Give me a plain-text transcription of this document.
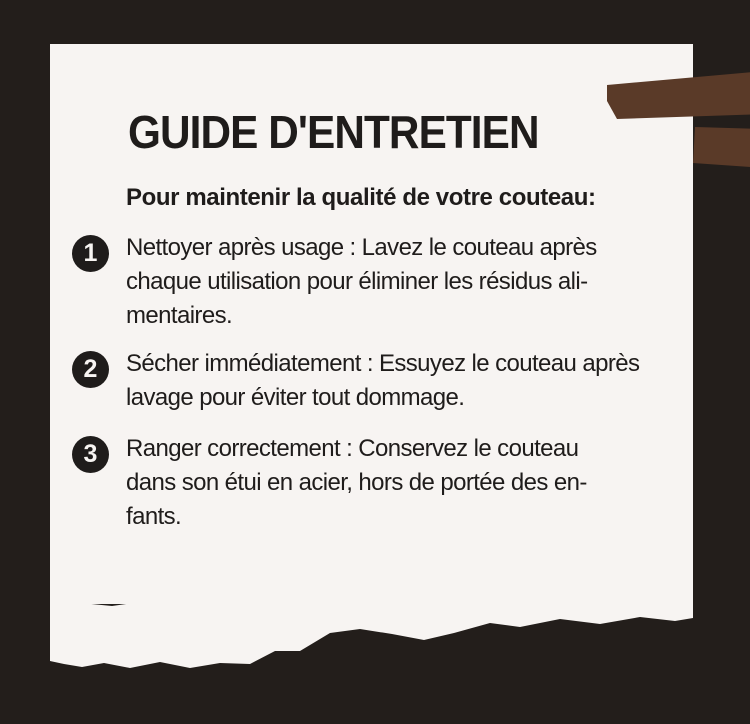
GUIDE D'ENTRETIEN

Pour maintenir la qualité de votre couteau:

1	Nettoyer après usage : Lavez le couteau après
chaque utilisation pour éliminer les résidus ali-
mentaires.

2	Sécher immédiatement : Essuyez le couteau après
lavage pour éviter tout dommage.

3	Ranger correctement : Conservez le couteau
dans son étui en acier, hors de portée des en-
fants.
